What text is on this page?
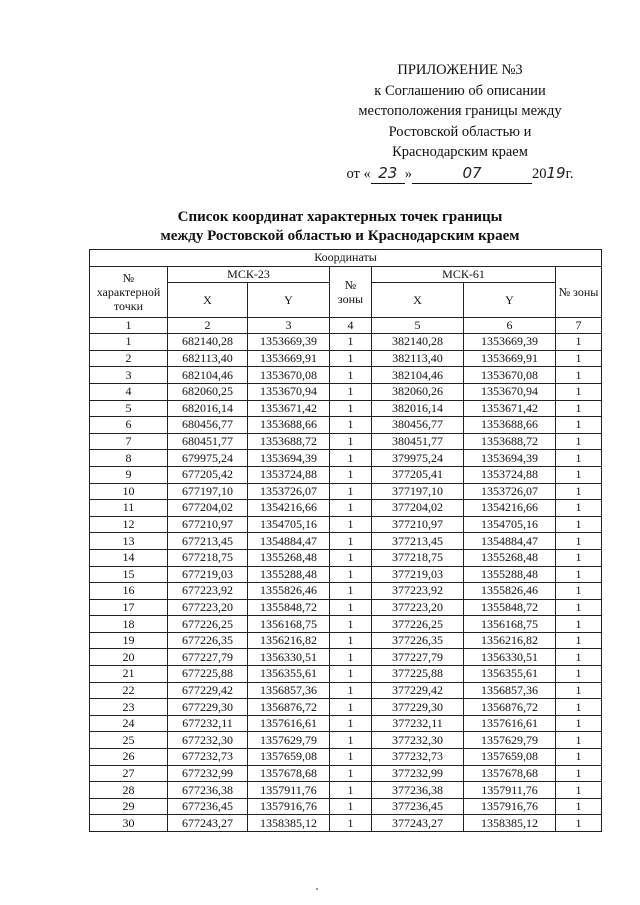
ПРИЛОЖЕНИЕ №3
к Соглашению об описании
местоположения границы между
Ростовской областью и
Краснодарским краем
от « 23 »	07	2019г.
Список координат характерных точек границы
между Ростовской областью и Краснодарским краем
Координаты						
№ характерной точки	МСК-23		№ зоны	МСК-61		№ зоны
	X	Y		X	Y	
1	2	3	4	5	6	7
1	682140,28	1353669,39	1	382140,28	1353669,39	1
2	682113,40	1353669,91	1	382113,40	1353669,91	1
3	682104,46	1353670,08	1	382104,46	1353670,08	1
4	682060,25	1353670,94	1	382060,26	1353670,94	1
5	682016,14	1353671,42	1	382016,14	1353671,42	1
6	680456,77	1353688,66	1	380456,77	1353688,66	1
7	680451,77	1353688,72	1	380451,77	1353688,72	1
8	679975,24	1353694,39	1	379975,24	1353694,39	1
9	677205,42	1353724,88	1	377205,41	1353724,88	1
10	677197,10	1353726,07	1	377197,10	1353726,07	1
11	677204,02	1354216,66	1	377204,02	1354216,66	1
12	677210,97	1354705,16	1	377210,97	1354705,16	1
13	677213,45	1354884,47	1	377213,45	1354884,47	1
14	677218,75	1355268,48	1	377218,75	1355268,48	1
15	677219,03	1355288,48	1	377219,03	1355288,48	1
16	677223,92	1355826,46	1	377223,92	1355826,46	1
17	677223,20	1355848,72	1	377223,20	1355848,72	1
18	677226,25	1356168,75	1	377226,25	1356168,75	1
19	677226,35	1356216,82	1	377226,35	1356216,82	1
20	677227,79	1356330,51	1	377227,79	1356330,51	1
21	677225,88	1356355,61	1	377225,88	1356355,61	1
22	677229,42	1356857,36	1	377229,42	1356857,36	1
23	677229,30	1356876,72	1	377229,30	1356876,72	1
24	677232,11	1357616,61	1	377232,11	1357616,61	1
25	677232,30	1357629,79	1	377232,30	1357629,79	1
26	677232,73	1357659,08	1	377232,73	1357659,08	1
27	677232,99	1357678,68	1	377232,99	1357678,68	1
28	677236,38	1357911,76	1	377236,38	1357911,76	1
29	677236,45	1357916,76	1	377236,45	1357916,76	1
30	677243,27	1358385,12	1	377243,27	1358385,12	1
